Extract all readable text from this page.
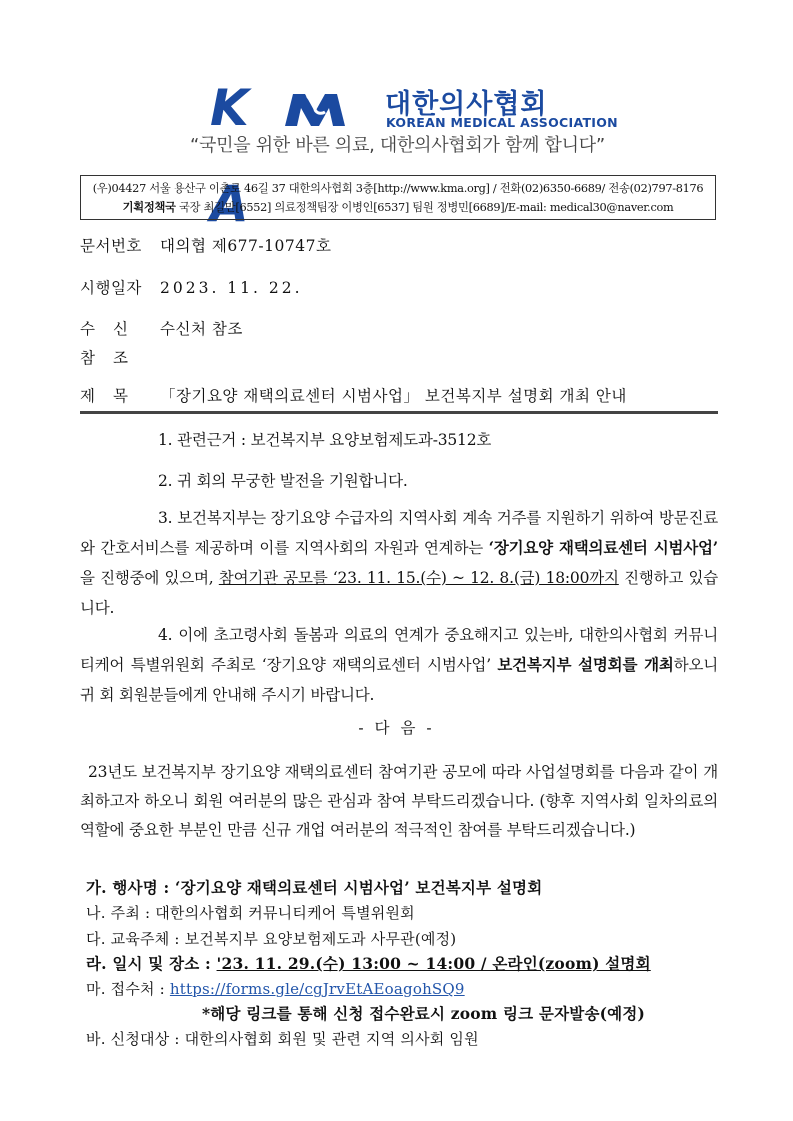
KA
대한의사협회
KOREAN MEDICAL ASSOCIATION
“국민을 위한 바른 의료, 대한의사협회가 함께 합니다”
(우)04427 서울 용산구 이촌로 46길 37 대한의사협회 3층[http://www.kma.org] / 전화(02)6350-6689/ 전송(02)797-8176
기획정책국 국장 최길만[6552] 의료정책팀장 이병인[6537] 팀원 정병민[6689]/E-mail: medical30@naver.com
문서번호 대의협 제677-10747호
시행일자 2023. 11. 22.
수신 수신처 참조
참조
제목 「장기요양 재택의료센터 시범사업」 보건복지부 설명회 개최 안내
1. 관련근거 : 보건복지부 요양보험제도과-3512호
2. 귀 회의 무궁한 발전을 기원합니다.
3. 보건복지부는 장기요양 수급자의 지역사회 계속 거주를 지원하기 위하여 방문진료와 간호서비스를 제공하며 이를 지역사회의 자원과 연계하는 ‘장기요양 재택의료센터 시범사업’ 을 진행중에 있으며, 참여기관 공모를 ‘23. 11. 15.(수) ~ 12. 8.(금) 18:00까지 진행하고 있습니다.
4. 이에 초고령사회 돌봄과 의료의 연계가 중요해지고 있는바, 대한의사협회 커뮤니티케어 특별위원회 주최로 ‘장기요양 재택의료센터 시범사업’ 보건복지부 설명회를 개최하오니 귀 회 회원분들에게 안내해 주시기 바랍니다.
- 다 음 -
23년도 보건복지부 장기요양 재택의료센터 참여기관 공모에 따라 사업설명회를 다음과 같이 개최하고자 하오니 회원 여러분의 많은 관심과 참여 부탁드리겠습니다. (향후 지역사회 일차의료의 역할에 중요한 부분인 만큼 신규 개업 여러분의 적극적인 참여를 부탁드리겠습니다.)
가. 행사명 : ‘장기요양 재택의료센터 시범사업’ 보건복지부 설명회
나. 주최 : 대한의사협회 커뮤니티케어 특별위원회
다. 교육주체 : 보건복지부 요양보험제도과 사무관(예정)
라. 일시 및 장소 : '23. 11. 29.(수) 13:00 ~ 14:00 / 온라인(zoom) 설명회
마. 접수처 : https://forms.gle/cgJrvEtAEoagohSQ9
*해당 링크를 통해 신청 접수완료시 zoom 링크 문자발송(예정)
바. 신청대상 : 대한의사협회 회원 및 관련 지역 의사회 임원
